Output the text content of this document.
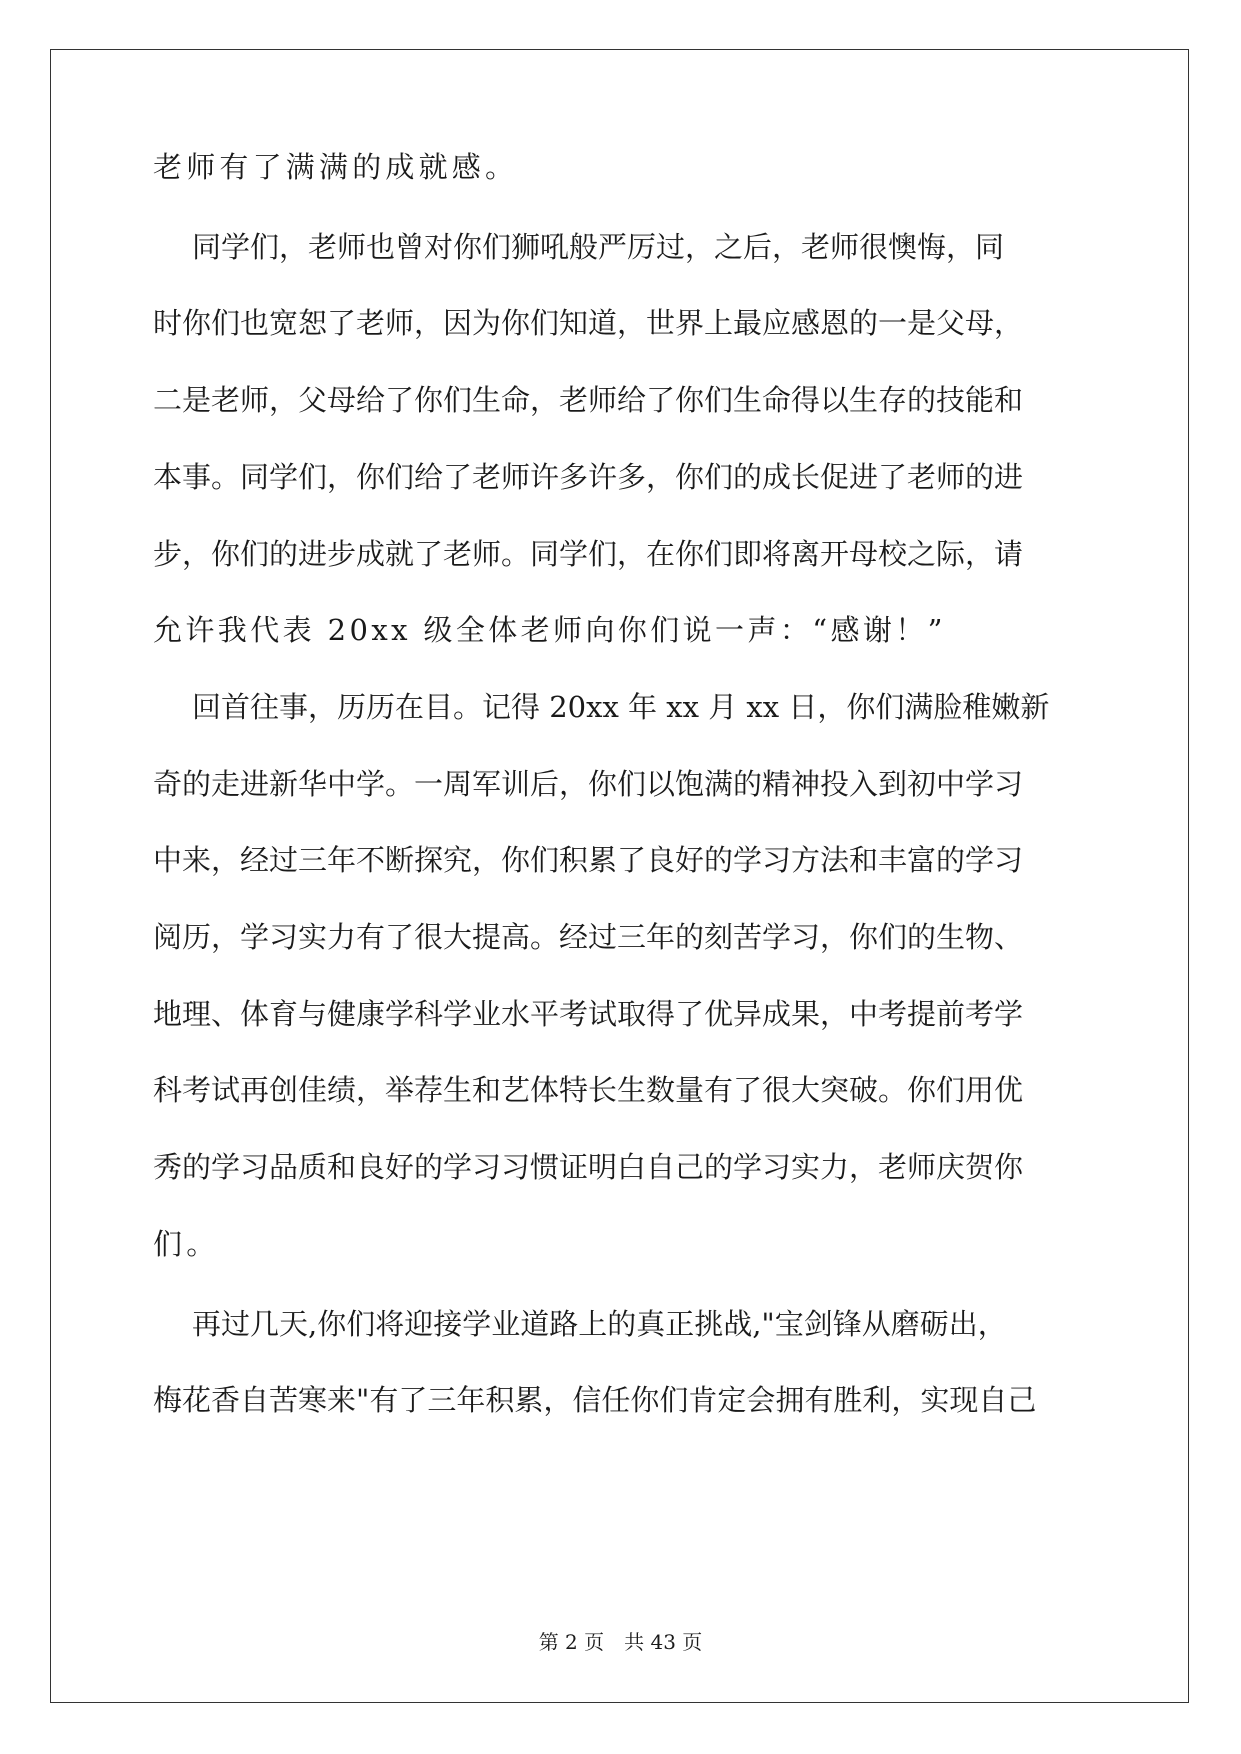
老师有了满满的成就感。
同学们，老师也曾对你们狮吼般严厉过，之后，老师很懊悔，同
时你们也宽恕了老师，因为你们知道，世界上最应感恩的一是父母，
二是老师，父母给了你们生命，老师给了你们生命得以生存的技能和
本事。同学们，你们给了老师许多许多，你们的成长促进了老师的进
步，你们的进步成就了老师。同学们，在你们即将离开母校之际，请
允许我代表 20xx 级全体老师向你们说一声：“感谢！”
回首往事，历历在目。记得 20xx 年 xx 月 xx 日，你们满脸稚嫩新
奇的走进新华中学。一周军训后，你们以饱满的精神投入到初中学习
中来，经过三年不断探究，你们积累了良好的学习方法和丰富的学习
阅历，学习实力有了很大提高。经过三年的刻苦学习，你们的生物、
地理、体育与健康学科学业水平考试取得了优异成果，中考提前考学
科考试再创佳绩，举荐生和艺体特长生数量有了很大突破。你们用优
秀的学习品质和良好的学习习惯证明白自己的学习实力，老师庆贺你
们。
再过几天,你们将迎接学业道路上的真正挑战,"宝剑锋从磨砺出，
梅花香自苦寒来"有了三年积累，信任你们肯定会拥有胜利，实现自己
第 2 页 共 43 页
